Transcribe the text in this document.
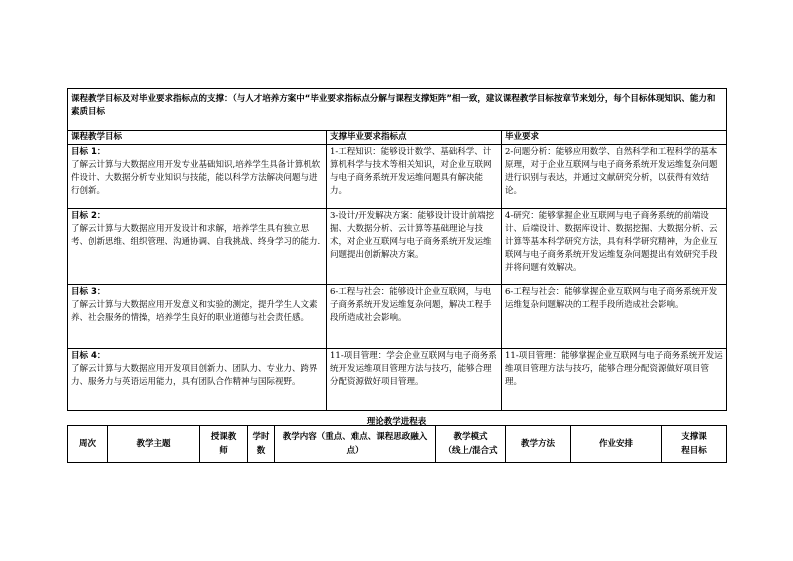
课程教学目标及对毕业要求指标点的支撑：（与人才培养方案中“毕业要求指标点分解与课程支撑矩阵”相一致，建议课程教学目标按章节来划分，每个目标体现知识、能力和素质目标		
课程教学目标	支撑毕业要求指标点	毕业要求

目标 1：
了解云计算与大数据应用开发专业基础知识,培养学生具备计算机软件设计、大数据分析专业知识与技能，能以科学方法解决问题与进行创新。	1-工程知识：能够设计数学、基础科学、计算机科学与技术等相关知识，对企业互联网与电子商务系统开发运维问题具有解决能力。	2-问题分析：能够应用数学、自然科学和工程科学的基本原理，对于企业互联网与电子商务系统开发运维复杂问题进行识别与表达，并通过文献研究分析，以获得有效结论。

目标 2：
了解云计算与大数据应用开发设计和求解，培养学生具有独立思考、创新思维、组织管理、沟通协调、自我挑战、终身学习的能力.	3-设计/开发解决方案：能够设计设计前端挖掘、大数据分析、云计算等基础理论与技术，对企业互联网与电子商务系统开发运维问题提出创新解决方案。	4-研究：能够掌握企业互联网与电子商务系统的前端设计、后端设计、数据库设计、数据挖掘、大数据分析、云计算等基本科学研究方法，具有科学研究精神，为企业互联网与电子商务系统开发运维复杂问题提出有效研究手段并将问题有效解决。

目标 3：
了解云计算与大数据应用开发意义和实验的测定，提升学生人文素养、社会服务的情操，培养学生良好的职业道德与社会责任感。	6-工程与社会：能够设计企业互联网，与电子商务系统开发运维复杂问题，解决工程手段所造成社会影响。	6-工程与社会：能够掌握企业互联网与电子商务系统开发运维复杂问题解决的工程手段所造成社会影响。

目标 4：
了解云计算与大数据应用开发项目创新力、团队力、专业力、跨界力、服务力与英语运用能力，具有团队合作精神与国际视野。	11-项目管理：学会企业互联网与电子商务系统开发运维项目管理方法与技巧，能够合理分配资源做好项目管理。	11-项目管理：能够掌握企业互联网与电子商务系统开发运维项目管理方法与技巧，能够合理分配资源做好项目管理。
理论教学进程表
周次	教学主题	授课教
师	学时
数	教学内容（重点、难点、课程思政融入
点）	教学模式
（线上/混合式	教学方法	作业安排	支撑课
程目标
